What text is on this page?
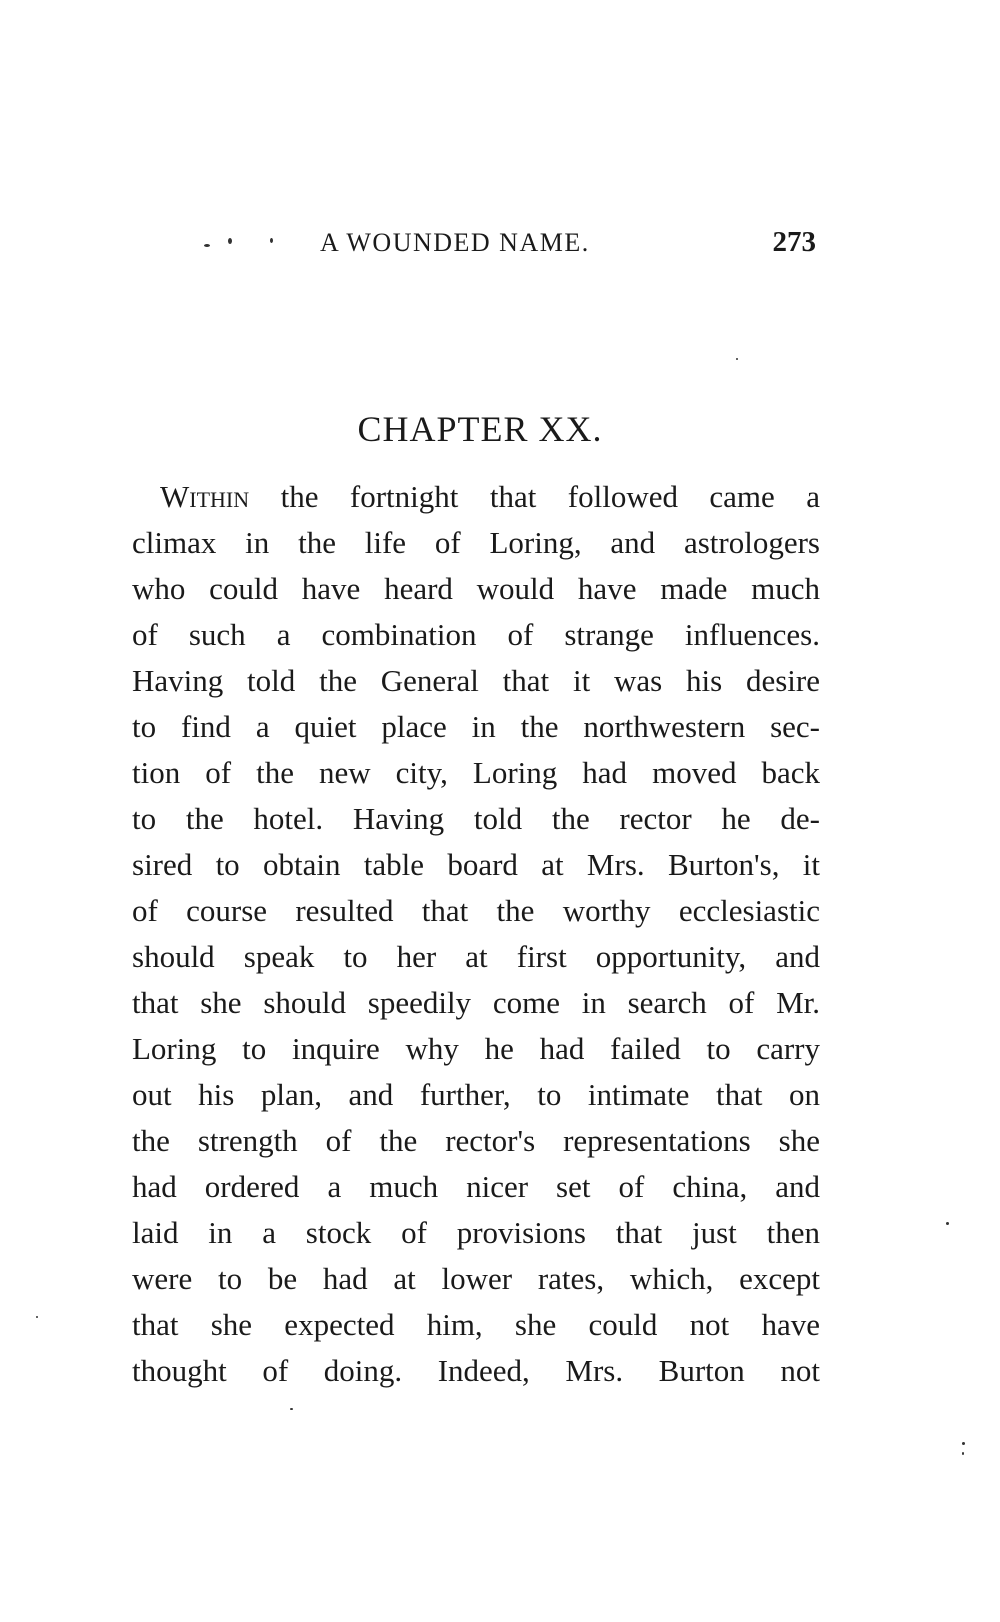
A WOUNDED NAME.	273
CHAPTER XX.
Within the fortnight that followed came a
climax in the life of Loring, and astrologers
who could have heard would have made much
of such a combination of strange influences.
Having told the General that it was his desire
to find a quiet place in the northwestern sec-
tion of the new city, Loring had moved back
to the hotel. Having told the rector he de-
sired to obtain table board at Mrs. Burton's, it
of course resulted that the worthy ecclesiastic
should speak to her at first opportunity, and
that she should speedily come in search of Mr.
Loring to inquire why he had failed to carry
out his plan, and further, to intimate that on
the strength of the rector's representations she
had ordered a much nicer set of china, and
laid in a stock of provisions that just then
were to be had at lower rates, which, except
that she expected him, she could not have
thought of doing. Indeed, Mrs. Burton not
